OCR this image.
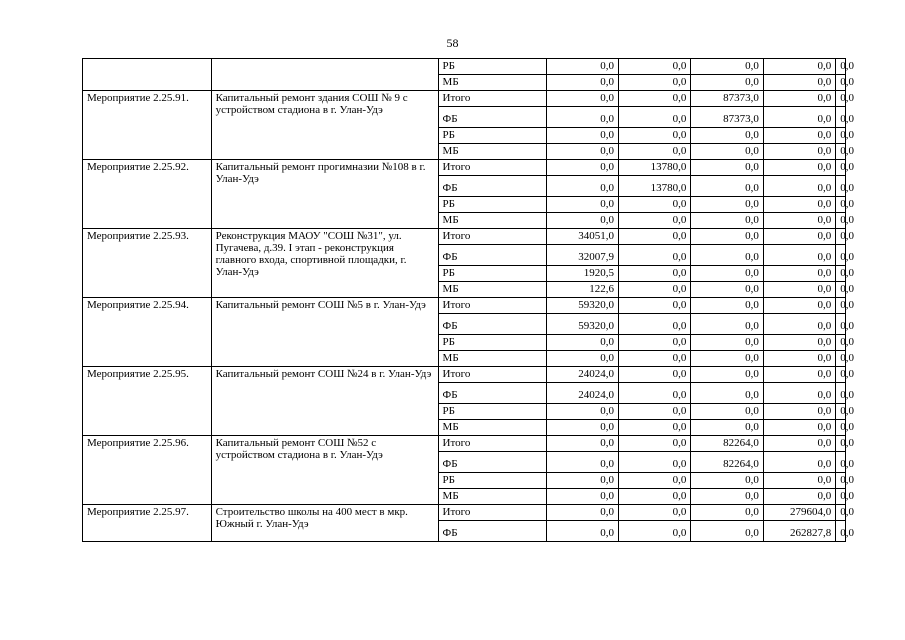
58
		РБ	0,0	0,0	0,0	0,0	0,0
		МБ	0,0	0,0	0,0	0,0	0,0
Мероприятие 2.25.91.	Капитальный ремонт здания СОШ № 9 с устройством стадиона в г. Улан-Удэ	Итого	0,0	0,0	87373,0	0,0	0,0
		ФБ	0,0	0,0	87373,0	0,0	0,0
		РБ	0,0	0,0	0,0	0,0	0,0
		МБ	0,0	0,0	0,0	0,0	0,0
Мероприятие 2.25.92.	Капитальный ремонт прогимназии №108 в г. Улан-Удэ	Итого	0,0	13780,0	0,0	0,0	0,0
		ФБ	0,0	13780,0	0,0	0,0	0,0
		РБ	0,0	0,0	0,0	0,0	0,0
		МБ	0,0	0,0	0,0	0,0	0,0
Мероприятие 2.25.93.	Реконструкция МАОУ "СОШ №31", ул. Пугачева, д.39. I этап - реконструкция главного входа, спортивной площадки, г. Улан-Удэ	Итого	34051,0	0,0	0,0	0,0	0,0
		ФБ	32007,9	0,0	0,0	0,0	0,0
		РБ	1920,5	0,0	0,0	0,0	0,0
		МБ	122,6	0,0	0,0	0,0	0,0
Мероприятие 2.25.94.	Капитальный ремонт СОШ №5 в г. Улан-Удэ	Итого	59320,0	0,0	0,0	0,0	0,0
		ФБ	59320,0	0,0	0,0	0,0	0,0
		РБ	0,0	0,0	0,0	0,0	0,0
		МБ	0,0	0,0	0,0	0,0	0,0
Мероприятие 2.25.95.	Капитальный ремонт СОШ №24 в г. Улан-Удэ	Итого	24024,0	0,0	0,0	0,0	0,0
		ФБ	24024,0	0,0	0,0	0,0	0,0
		РБ	0,0	0,0	0,0	0,0	0,0
		МБ	0,0	0,0	0,0	0,0	0,0
Мероприятие 2.25.96.	Капитальный ремонт СОШ №52 с устройством стадиона в г. Улан-Удэ	Итого	0,0	0,0	82264,0	0,0	0,0
		ФБ	0,0	0,0	82264,0	0,0	0,0
		РБ	0,0	0,0	0,0	0,0	0,0
		МБ	0,0	0,0	0,0	0,0	0,0
Мероприятие 2.25.97.	Строительство школы на 400 мест в мкр. Южный г. Улан-Удэ	Итого	0,0	0,0	0,0	279604,0	0,0
		ФБ	0,0	0,0	0,0	262827,8	0,0
